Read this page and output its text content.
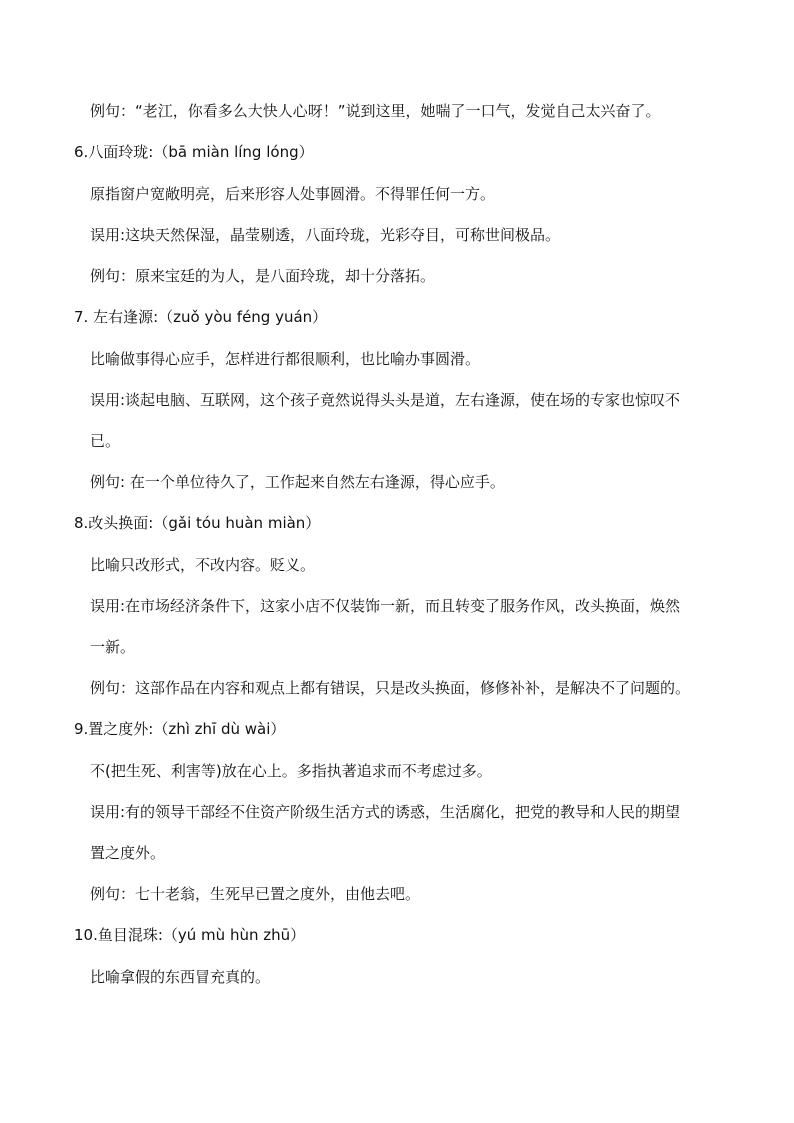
例句：“老江，你看多么大快人心呀！”说到这里，她喘了一口气，发觉自己太兴奋了。
6.八面玲珑:（bā miàn líng lóng）
原指窗户宽敞明亮，后来形容人处事圆滑。不得罪任何一方。
误用:这块天然保湿，晶莹剔透，八面玲珑，光彩夺目，可称世间极品。
例句：原来宝廷的为人，是八面玲珑，却十分落拓。
7. 左右逢源:（zuǒ yòu féng yuán）
比喻做事得心应手，怎样进行都很顺利，也比喻办事圆滑。
误用:谈起电脑、互联网，这个孩子竟然说得头头是道，左右逢源，使在场的专家也惊叹不
已。
例句: 在一个单位待久了，工作起来自然左右逢源，得心应手。
8.改头换面:（gǎi tóu huàn miàn）
比喻只改形式，不改内容。贬义。
误用:在市场经济条件下，这家小店不仅装饰一新，而且转变了服务作风，改头换面，焕然
一新。
例句：这部作品在内容和观点上都有错误，只是改头换面，修修补补，是解决不了问题的。
9.置之度外:（zhì zhī dù wài）
不(把生死、利害等)放在心上。多指执著追求而不考虑过多。
误用:有的领导干部经不住资产阶级生活方式的诱惑，生活腐化，把党的教导和人民的期望
置之度外。
例句：七十老翁，生死早已置之度外，由他去吧。
10.鱼目混珠:（yú mù hùn zhū）
比喻拿假的东西冒充真的。
